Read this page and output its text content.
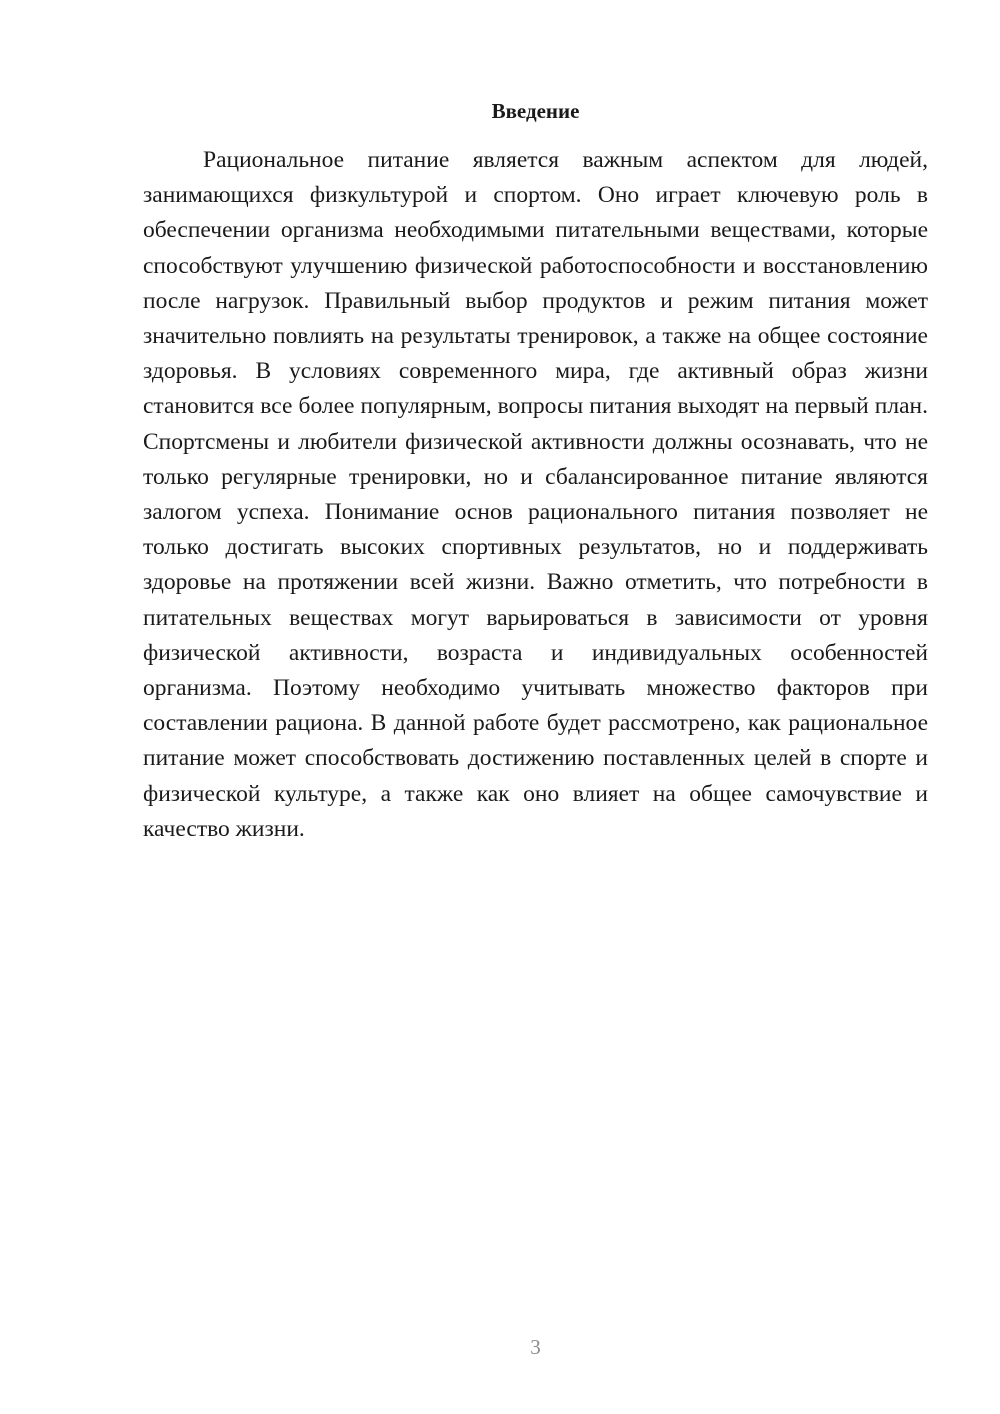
Введение

Рациональное питание является важным аспектом для людей, занимающихся физкультурой и спортом. Оно играет ключевую роль в обеспечении организма необходимыми питательными веществами, которые способствуют улучшению физической работоспособности и восстановлению после нагрузок. Правильный выбор продуктов и режим питания может значительно повлиять на результаты тренировок, а также на общее состояние здоровья. В условиях современного мира, где активный образ жизни становится все более популярным, вопросы питания выходят на первый план. Спортсмены и любители физической активности должны осознавать, что не только регулярные тренировки, но и сбалансированное питание являются залогом успеха. Понимание основ рационального питания позволяет не только достигать высоких спортивных результатов, но и поддерживать здоровье на протяжении всей жизни. Важно отметить, что потребности в питательных веществах могут варьироваться в зависимости от уровня физической активности, возраста и индивидуальных особенностей организма. Поэтому необходимо учитывать множество факторов при составлении рациона. В данной работе будет рассмотрено, как рациональное питание может способствовать достижению поставленных целей в спорте и физической культуре, а также как оно влияет на общее самочувствие и качество жизни.

3
